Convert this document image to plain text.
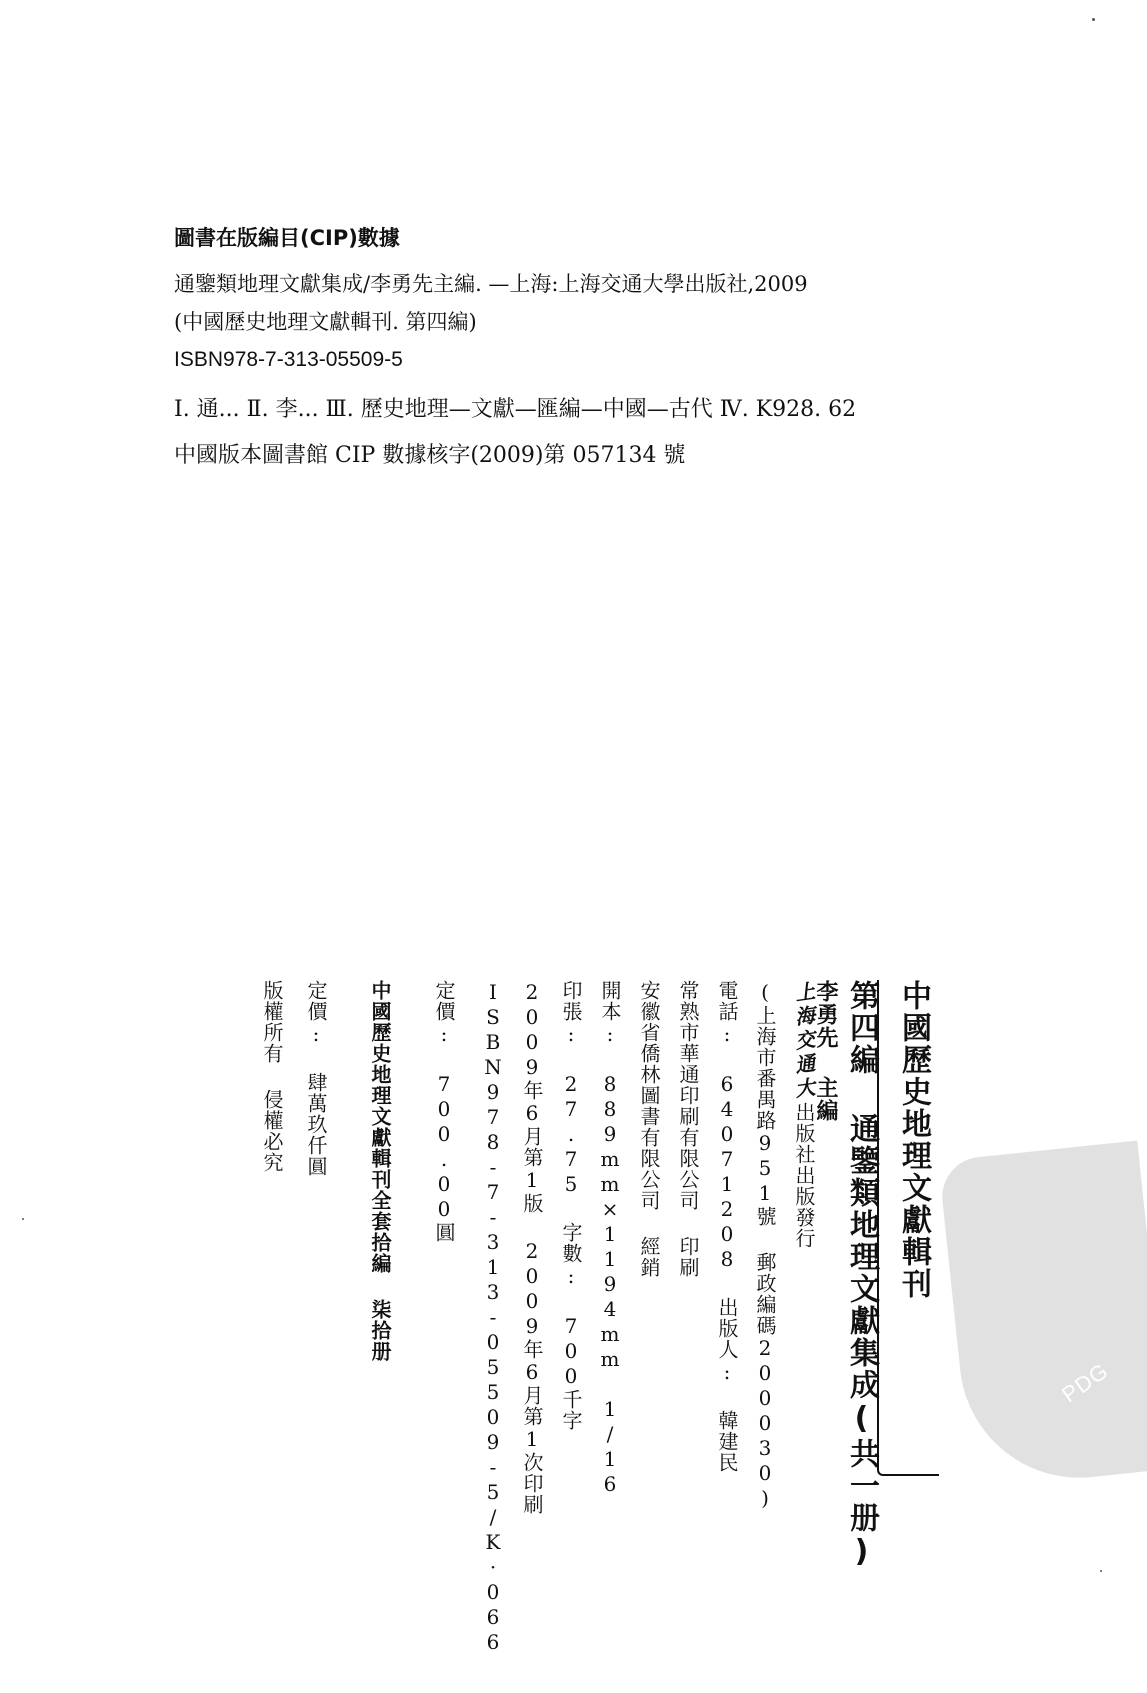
圖書在版編目(CIP)數據
通鑒類地理文獻集成/李勇先主編. —上海:上海交通大學出版社,2009
(中國歷史地理文獻輯刊. 第四編)
ISBN978-7-313-05509-5
Ⅰ. 通... Ⅱ. 李... Ⅲ. 歷史地理—文獻—匯編—中國—古代 Ⅳ. K928. 62
中國版本圖書館 CIP 數據核字(2009)第 057134 號
中國歷史地理文獻輯刊
第四編 通鑒類地理文獻集成(共一册)
李勇先 主編
上
海
交
通
大
出版社出版發行
(上海市番禺路951號 郵政編碼200030)
電話: 64071208 出版人: 韓建民
常熟市華通印刷有限公司 印刷
安徽省僑林圖書有限公司 經銷
開本: 889mm×1194mm 1/16
印張: 27.75 字數: 700千字
2009年6月第1版 2009年6月第1次印刷
ISBN978-7-313-05509-5/K·066
定價: 700.00圓
中國歷史地理文獻輯刊全套拾編 柒拾册
定價: 肆萬玖仟圓
版權所有 侵權必究
PDG
